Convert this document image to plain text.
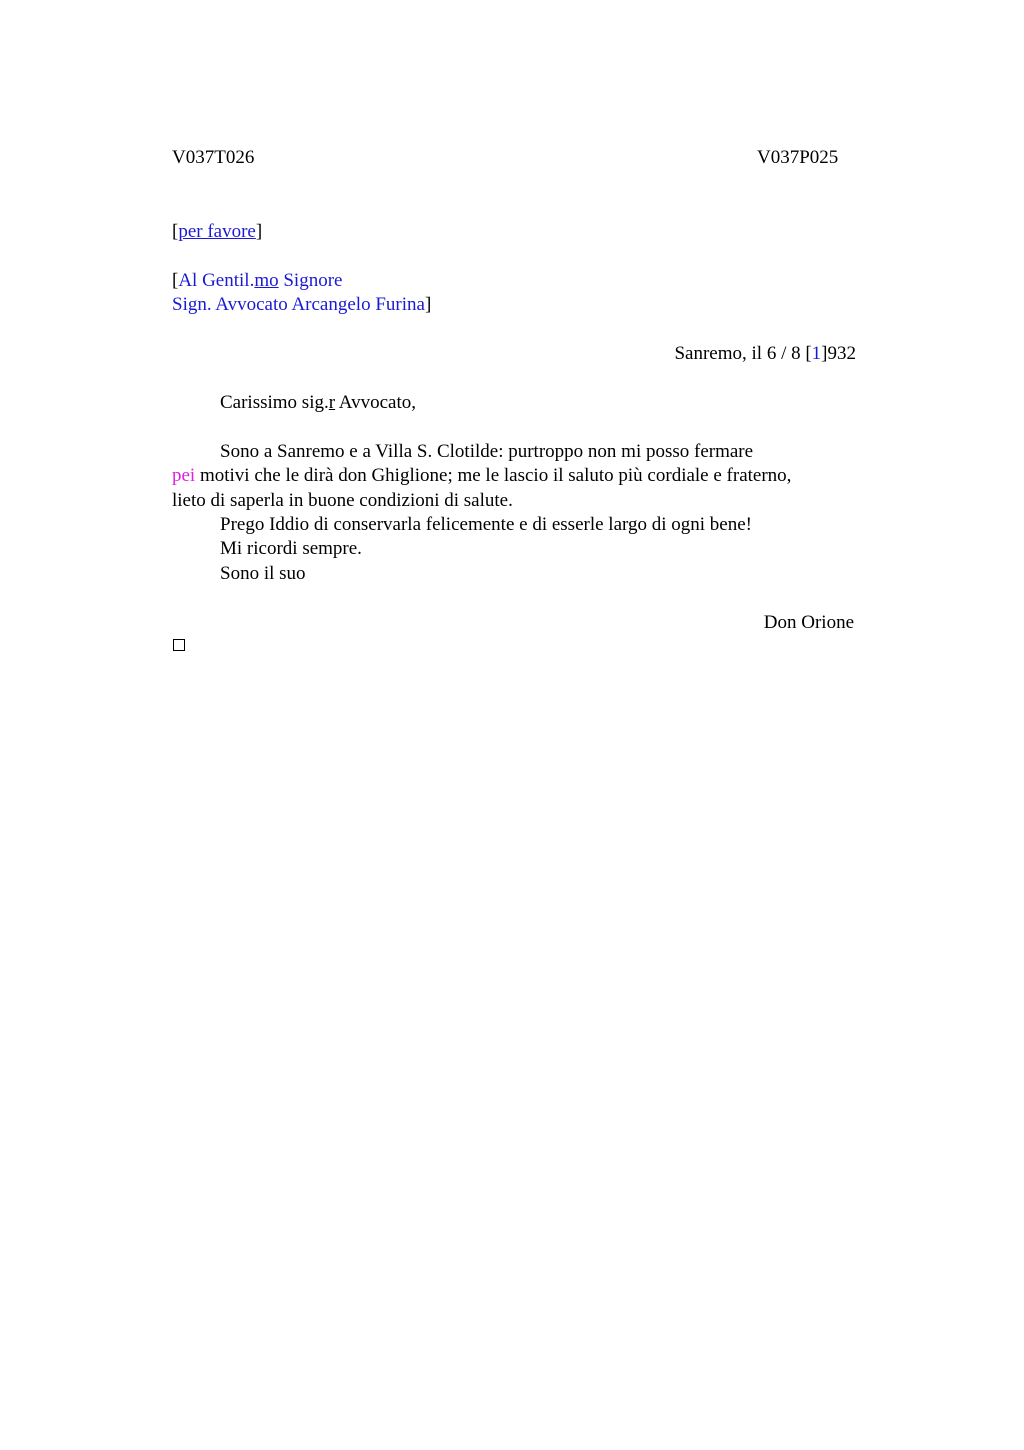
V037T026	V037P025
[per favore]
[Al Gentil.mo Signore
Sign. Avvocato Arcangelo Furina]
Sanremo, il 6 / 8 [1]932
Carissimo sig.r Avvocato,
Sono a Sanremo e a Villa S. Clotilde: purtroppo non mi posso fermare
pei motivi che le dirà don Ghiglione; me le lascio il saluto più cordiale e fraterno,
lieto di saperla in buone condizioni di salute.
Prego Iddio di conservarla felicemente e di esserle largo di ogni bene!
Mi ricordi sempre.
Sono il suo
Don Orione
